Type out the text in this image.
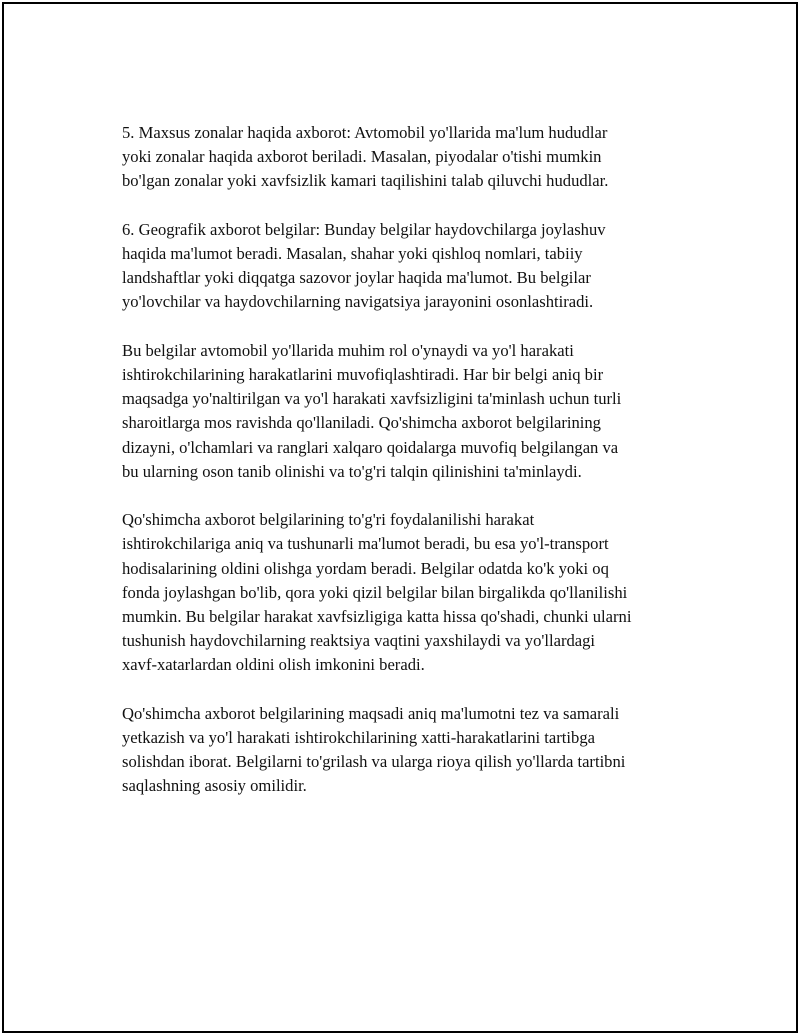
5. Maxsus zonalar haqida axborot: Avtomobil yo'llarida ma'lum hududlar
yoki zonalar haqida axborot beriladi. Masalan, piyodalar o'tishi mumkin
bo'lgan zonalar yoki xavfsizlik kamari taqilishini talab qiluvchi hududlar.

6. Geografik axborot belgilar: Bunday belgilar haydovchilarga joylashuv
haqida ma'lumot beradi. Masalan, shahar yoki qishloq nomlari, tabiiy
landshaftlar yoki diqqatga sazovor joylar haqida ma'lumot. Bu belgilar
yo'lovchilar va haydovchilarning navigatsiya jarayonini osonlashtiradi.

Bu belgilar avtomobil yo'llarida muhim rol o'ynaydi va yo'l harakati
ishtirokchilarining harakatlarini muvofiqlashtiradi. Har bir belgi aniq bir
maqsadga yo'naltirilgan va yo'l harakati xavfsizligini ta'minlash uchun turli
sharoitlarga mos ravishda qo'llaniladi. Qo'shimcha axborot belgilarining
dizayni, o'lchamlari va ranglari xalqaro qoidalarga muvofiq belgilangan va
bu ularning oson tanib olinishi va to'g'ri talqin qilinishini ta'minlaydi.

Qo'shimcha axborot belgilarining to'g'ri foydalanilishi harakat
ishtirokchilariga aniq va tushunarli ma'lumot beradi, bu esa yo'l-transport
hodisalarining oldini olishga yordam beradi. Belgilar odatda ko'k yoki oq
fonda joylashgan bo'lib, qora yoki qizil belgilar bilan birgalikda qo'llanilishi
mumkin. Bu belgilar harakat xavfsizligiga katta hissa qo'shadi, chunki ularni
tushunish haydovchilarning reaktsiya vaqtini yaxshilaydi va yo'llardagi
xavf-xatarlardan oldini olish imkonini beradi.

Qo'shimcha axborot belgilarining maqsadi aniq ma'lumotni tez va samarali
yetkazish va yo'l harakati ishtirokchilarining xatti-harakatlarini tartibga
solishdan iborat. Belgilarni to'grilash va ularga rioya qilish yo'llarda tartibni
saqlashning asosiy omilidir.
